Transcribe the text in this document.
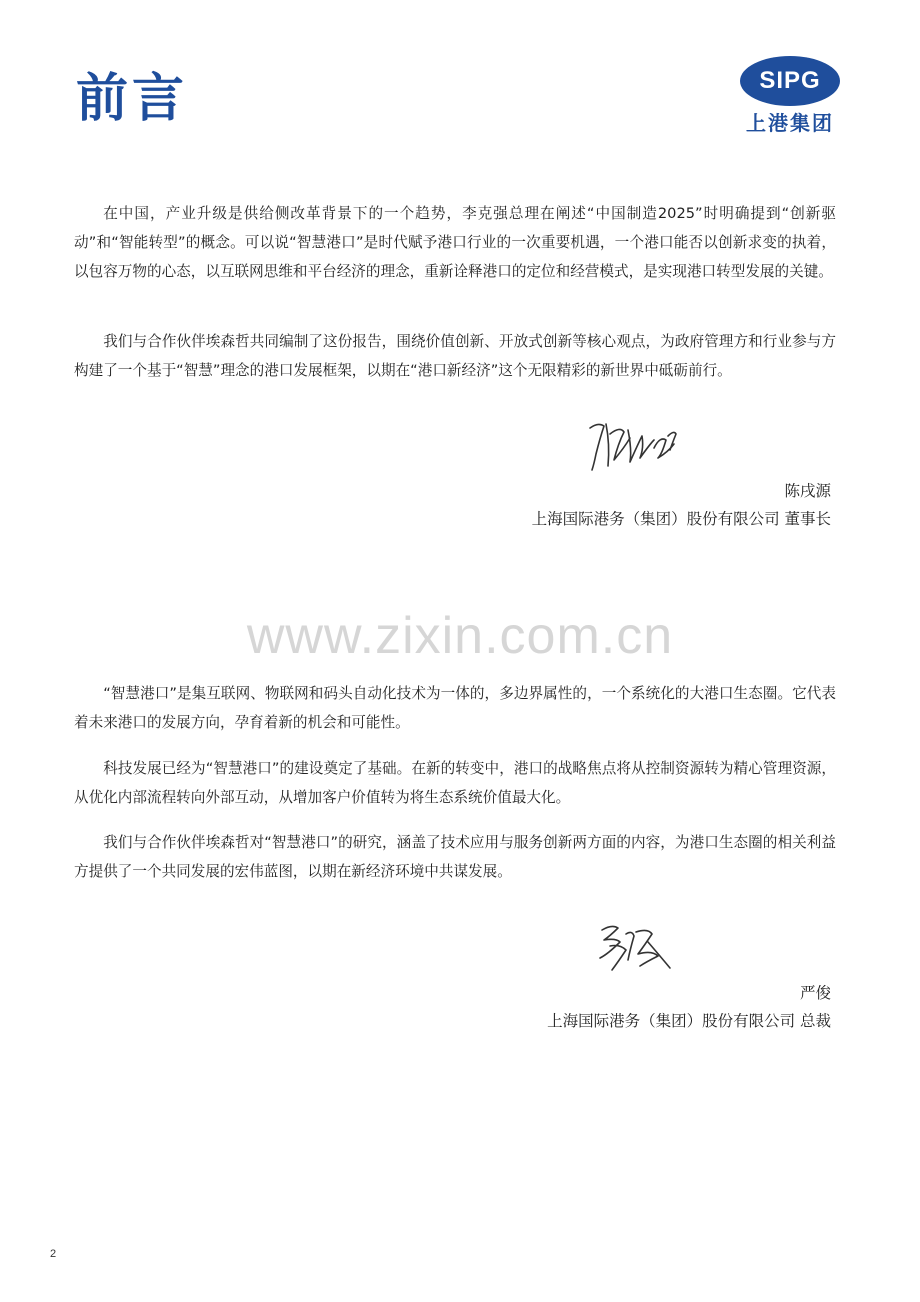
前言	SIPG
上港集团

在中国，产业升级是供给侧改革背景下的一个趋势，李克强总理在阐述“中国制造2025”时明确提到“创新驱动”和“智能转型”的概念。可以说“智慧港口”是时代赋予港口行业的一次重要机遇，一个港口能否以创新求变的执着，以包容万物的心态，以互联网思维和平台经济的理念，重新诠释港口的定位和经营模式，是实现港口转型发展的关键。

我们与合作伙伴埃森哲共同编制了这份报告，围绕价值创新、开放式创新等核心观点，为政府管理方和行业参与方构建了一个基于“智慧”理念的港口发展框架，以期在“港口新经济”这个无限精彩的新世界中砥砺前行。

陈戌源
上海国际港务（集团）股份有限公司 董事长
www.zixin.com.cn

“智慧港口”是集互联网、物联网和码头自动化技术为一体的，多边界属性的，一个系统化的大港口生态圈。它代表着未来港口的发展方向，孕育着新的机会和可能性。

科技发展已经为“智慧港口”的建设奠定了基础。在新的转变中，港口的战略焦点将从控制资源转为精心管理资源，从优化内部流程转向外部互动，从增加客户价值转为将生态系统价值最大化。

我们与合作伙伴埃森哲对“智慧港口”的研究，涵盖了技术应用与服务创新两方面的内容，为港口生态圈的相关利益方提供了一个共同发展的宏伟蓝图，以期在新经济环境中共谋发展。

严俊
上海国际港务（集团）股份有限公司 总裁
2
